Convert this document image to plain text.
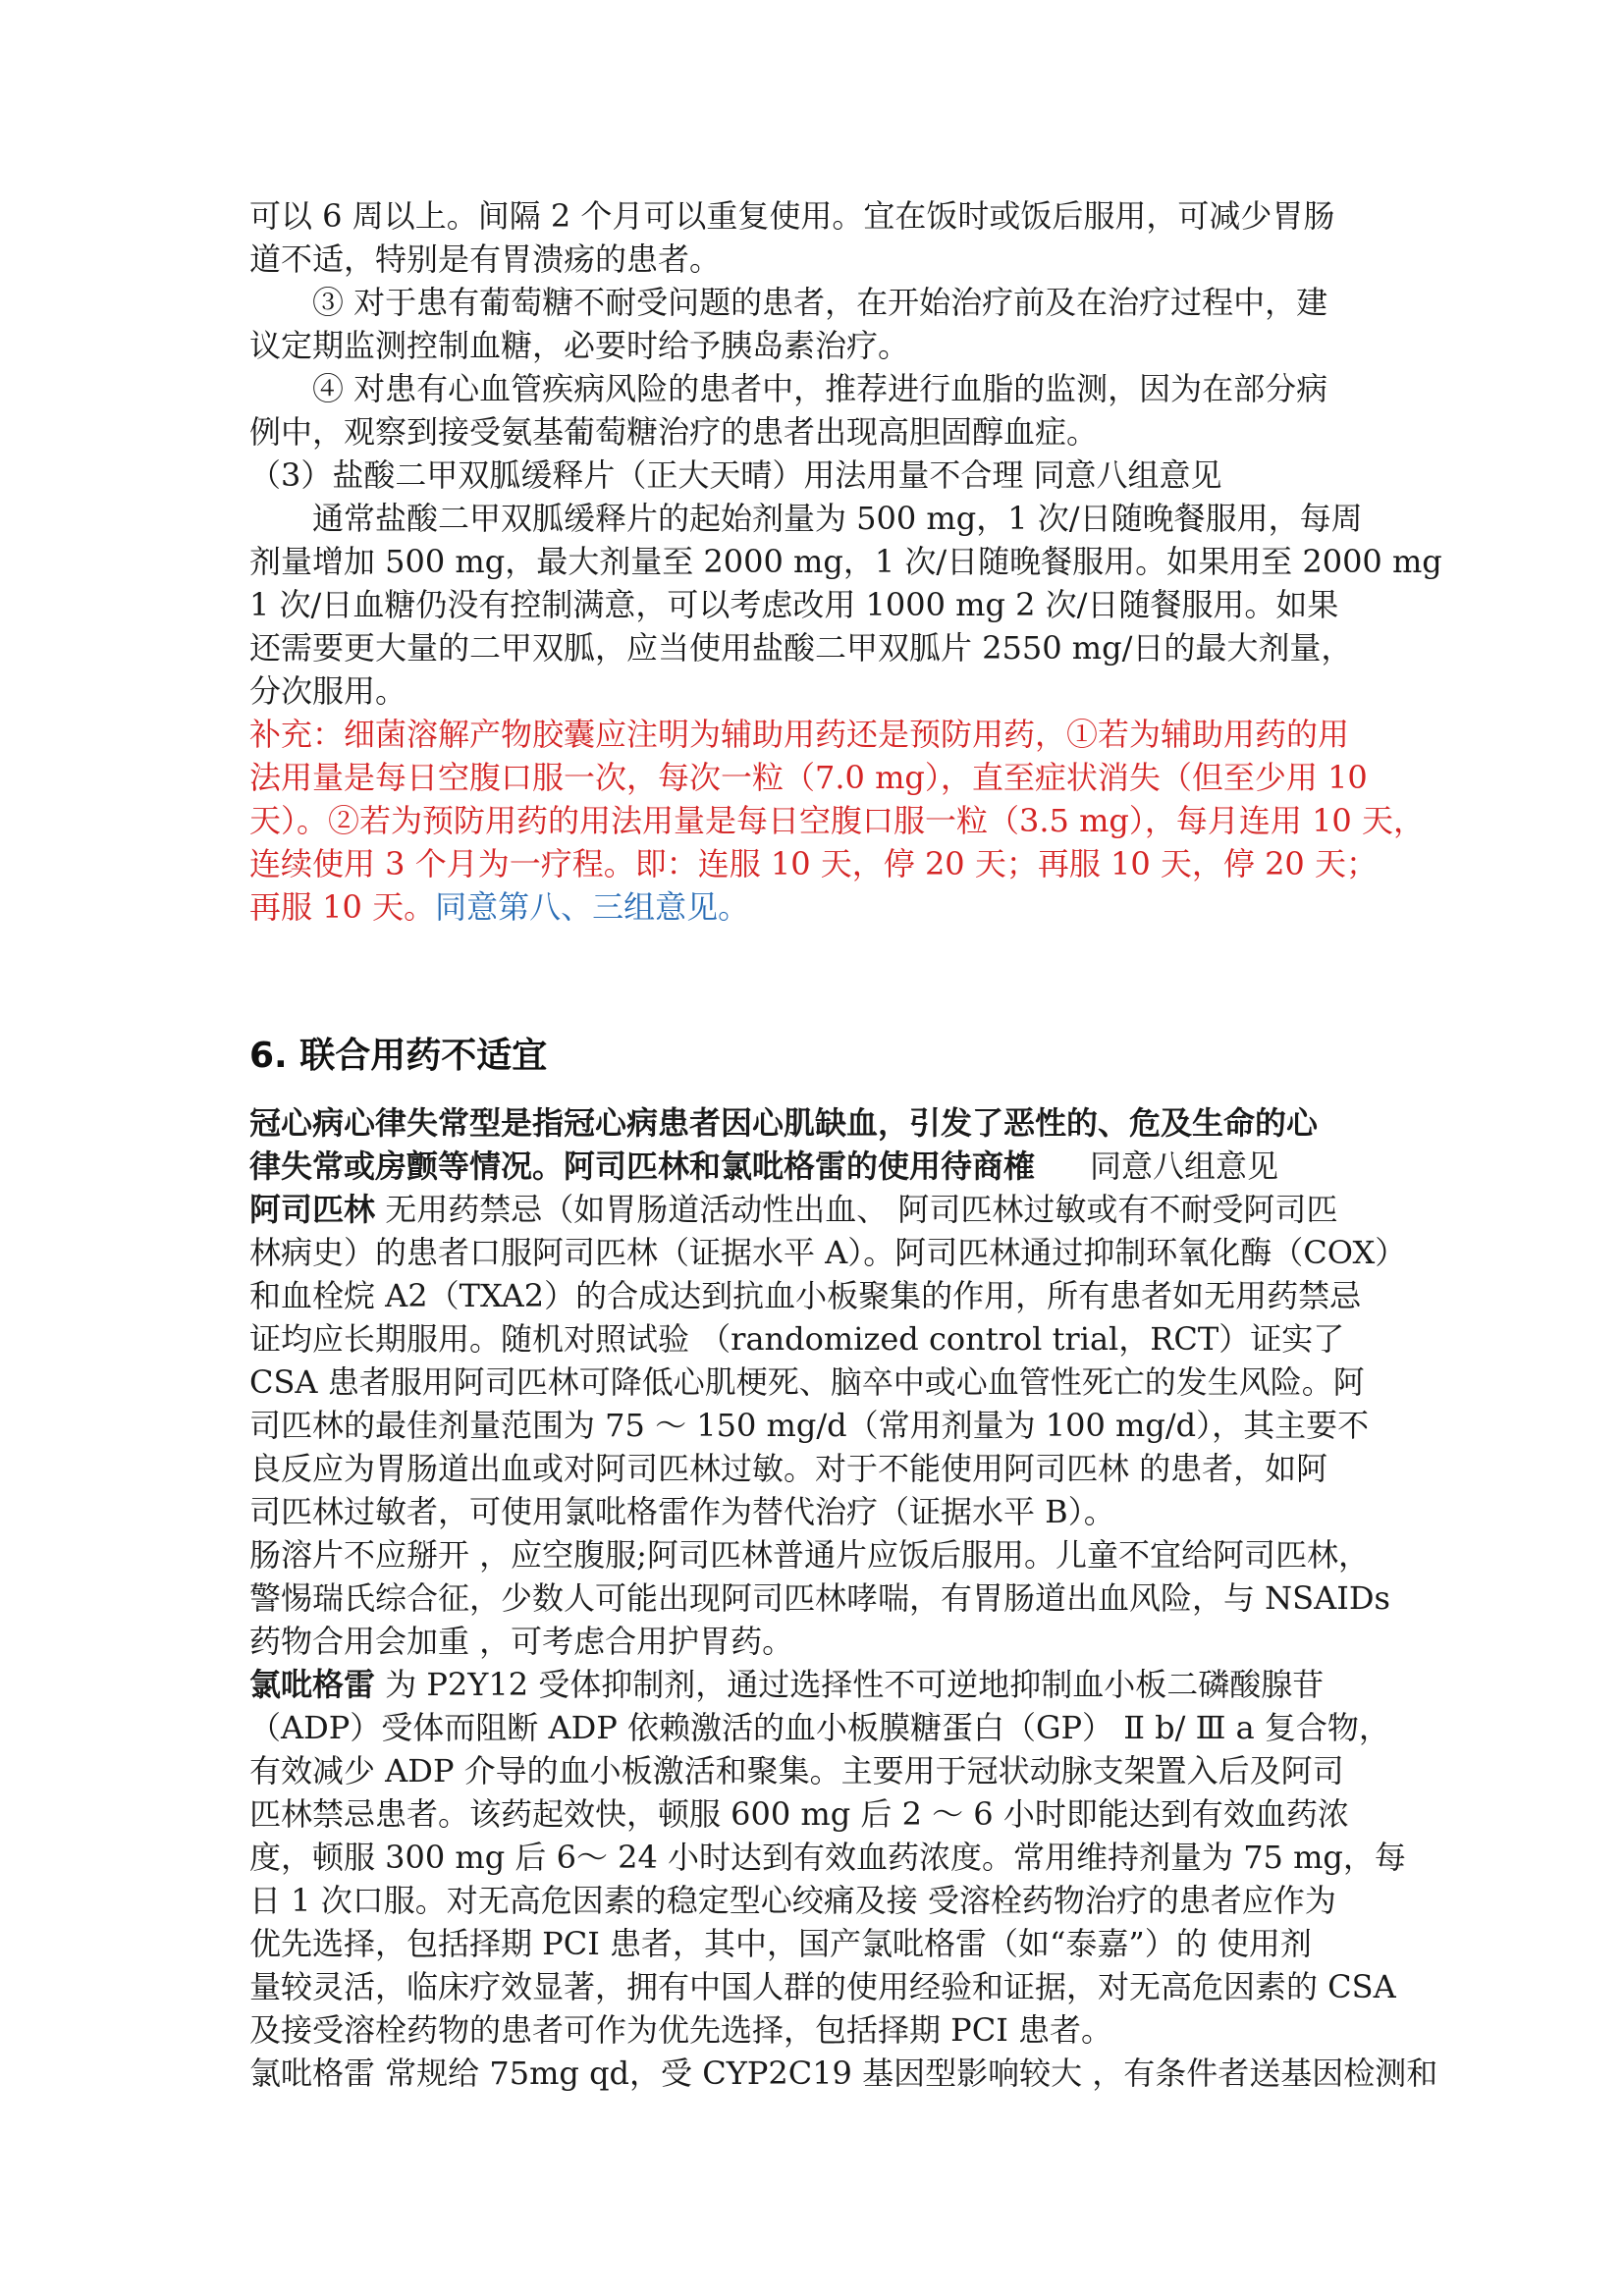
可以 6 周以上。间隔 2 个月可以重复使用。宜在饭时或饭后服用，可减少胃肠
道不适，特别是有胃溃疡的患者。
③ 对于患有葡萄糖不耐受问题的患者，在开始治疗前及在治疗过程中，建
议定期监测控制血糖，必要时给予胰岛素治疗。
④ 对患有心血管疾病风险的患者中，推荐进行血脂的监测，因为在部分病
例中，观察到接受氨基葡萄糖治疗的患者出现高胆固醇血症。
（3）盐酸二甲双胍缓释片（正大天晴）用法用量不合理 同意八组意见
通常盐酸二甲双胍缓释片的起始剂量为 500 mg，1 次/日随晚餐服用，每周
剂量增加 500 mg，最大剂量至 2000 mg，1 次/日随晚餐服用。如果用至 2000 mg
1 次/日血糖仍没有控制满意，可以考虑改用 1000 mg 2 次/日随餐服用。如果
还需要更大量的二甲双胍，应当使用盐酸二甲双胍片 2550 mg/日的最大剂量，
分次服用。
补充：细菌溶解产物胶囊应注明为辅助用药还是预防用药，①若为辅助用药的用
法用量是每日空腹口服一次，每次一粒（7.0 mg），直至症状消失（但至少用 10
天）。②若为预防用药的用法用量是每日空腹口服一粒（3.5 mg），每月连用 10 天，
连续使用 3 个月为一疗程。即：连服 10 天，停 20 天；再服 10 天，停 20 天；
再服 10 天。同意第八、三组意见。
6. 联合用药不适宜
冠心病心律失常型是指冠心病患者因心肌缺血，引发了恶性的、危及生命的心
律失常或房颤等情况。阿司匹林和氯吡格雷的使用待商榷 同意八组意见
阿司匹林 无用药禁忌（如胃肠道活动性出血、 阿司匹林过敏或有不耐受阿司匹
林病史）的患者口服阿司匹林（证据水平 A）。阿司匹林通过抑制环氧化酶（COX）
和血栓烷 A2（TXA2）的合成达到抗血小板聚集的作用，所有患者如无用药禁忌
证均应长期服用。随机对照试验 （randomized control trial，RCT）证实了
CSA 患者服用阿司匹林可降低心肌梗死、脑卒中或心血管性死亡的发生风险。阿
司匹林的最佳剂量范围为 75 ～ 150 mg/d（常用剂量为 100 mg/d），其主要不
良反应为胃肠道出血或对阿司匹林过敏。对于不能使用阿司匹林 的患者，如阿
司匹林过敏者，可使用氯吡格雷作为替代治疗（证据水平 B）。
肠溶片不应掰开 ，应空腹服;阿司匹林普通片应饭后服用。儿童不宜给阿司匹林，
警惕瑞氏综合征，少数人可能出现阿司匹林哮喘，有胃肠道出血风险，与 NSAIDs
药物合用会加重 ，可考虑合用护胃药。
氯吡格雷 为 P2Y12 受体抑制剂，通过选择性不可逆地抑制血小板二磷酸腺苷
（ADP）受体而阻断 ADP 依赖激活的血小板膜糖蛋白（GP） Ⅱ b/ Ⅲ a 复合物，
有效减少 ADP 介导的血小板激活和聚集。主要用于冠状动脉支架置入后及阿司
匹林禁忌患者。该药起效快，顿服 600 mg 后 2 ～ 6 小时即能达到有效血药浓
度，顿服 300 mg 后 6～ 24 小时达到有效血药浓度。常用维持剂量为 75 mg，每
日 1 次口服。对无高危因素的稳定型心绞痛及接 受溶栓药物治疗的患者应作为
优先选择，包括择期 PCI 患者，其中，国产氯吡格雷（如“泰嘉”）的 使用剂
量较灵活，临床疗效显著，拥有中国人群的使用经验和证据，对无高危因素的 CSA
及接受溶栓药物的患者可作为优先选择，包括择期 PCI 患者。
氯吡格雷 常规给 75mg qd，受 CYP2C19 基因型影响较大 ，有条件者送基因检测和
